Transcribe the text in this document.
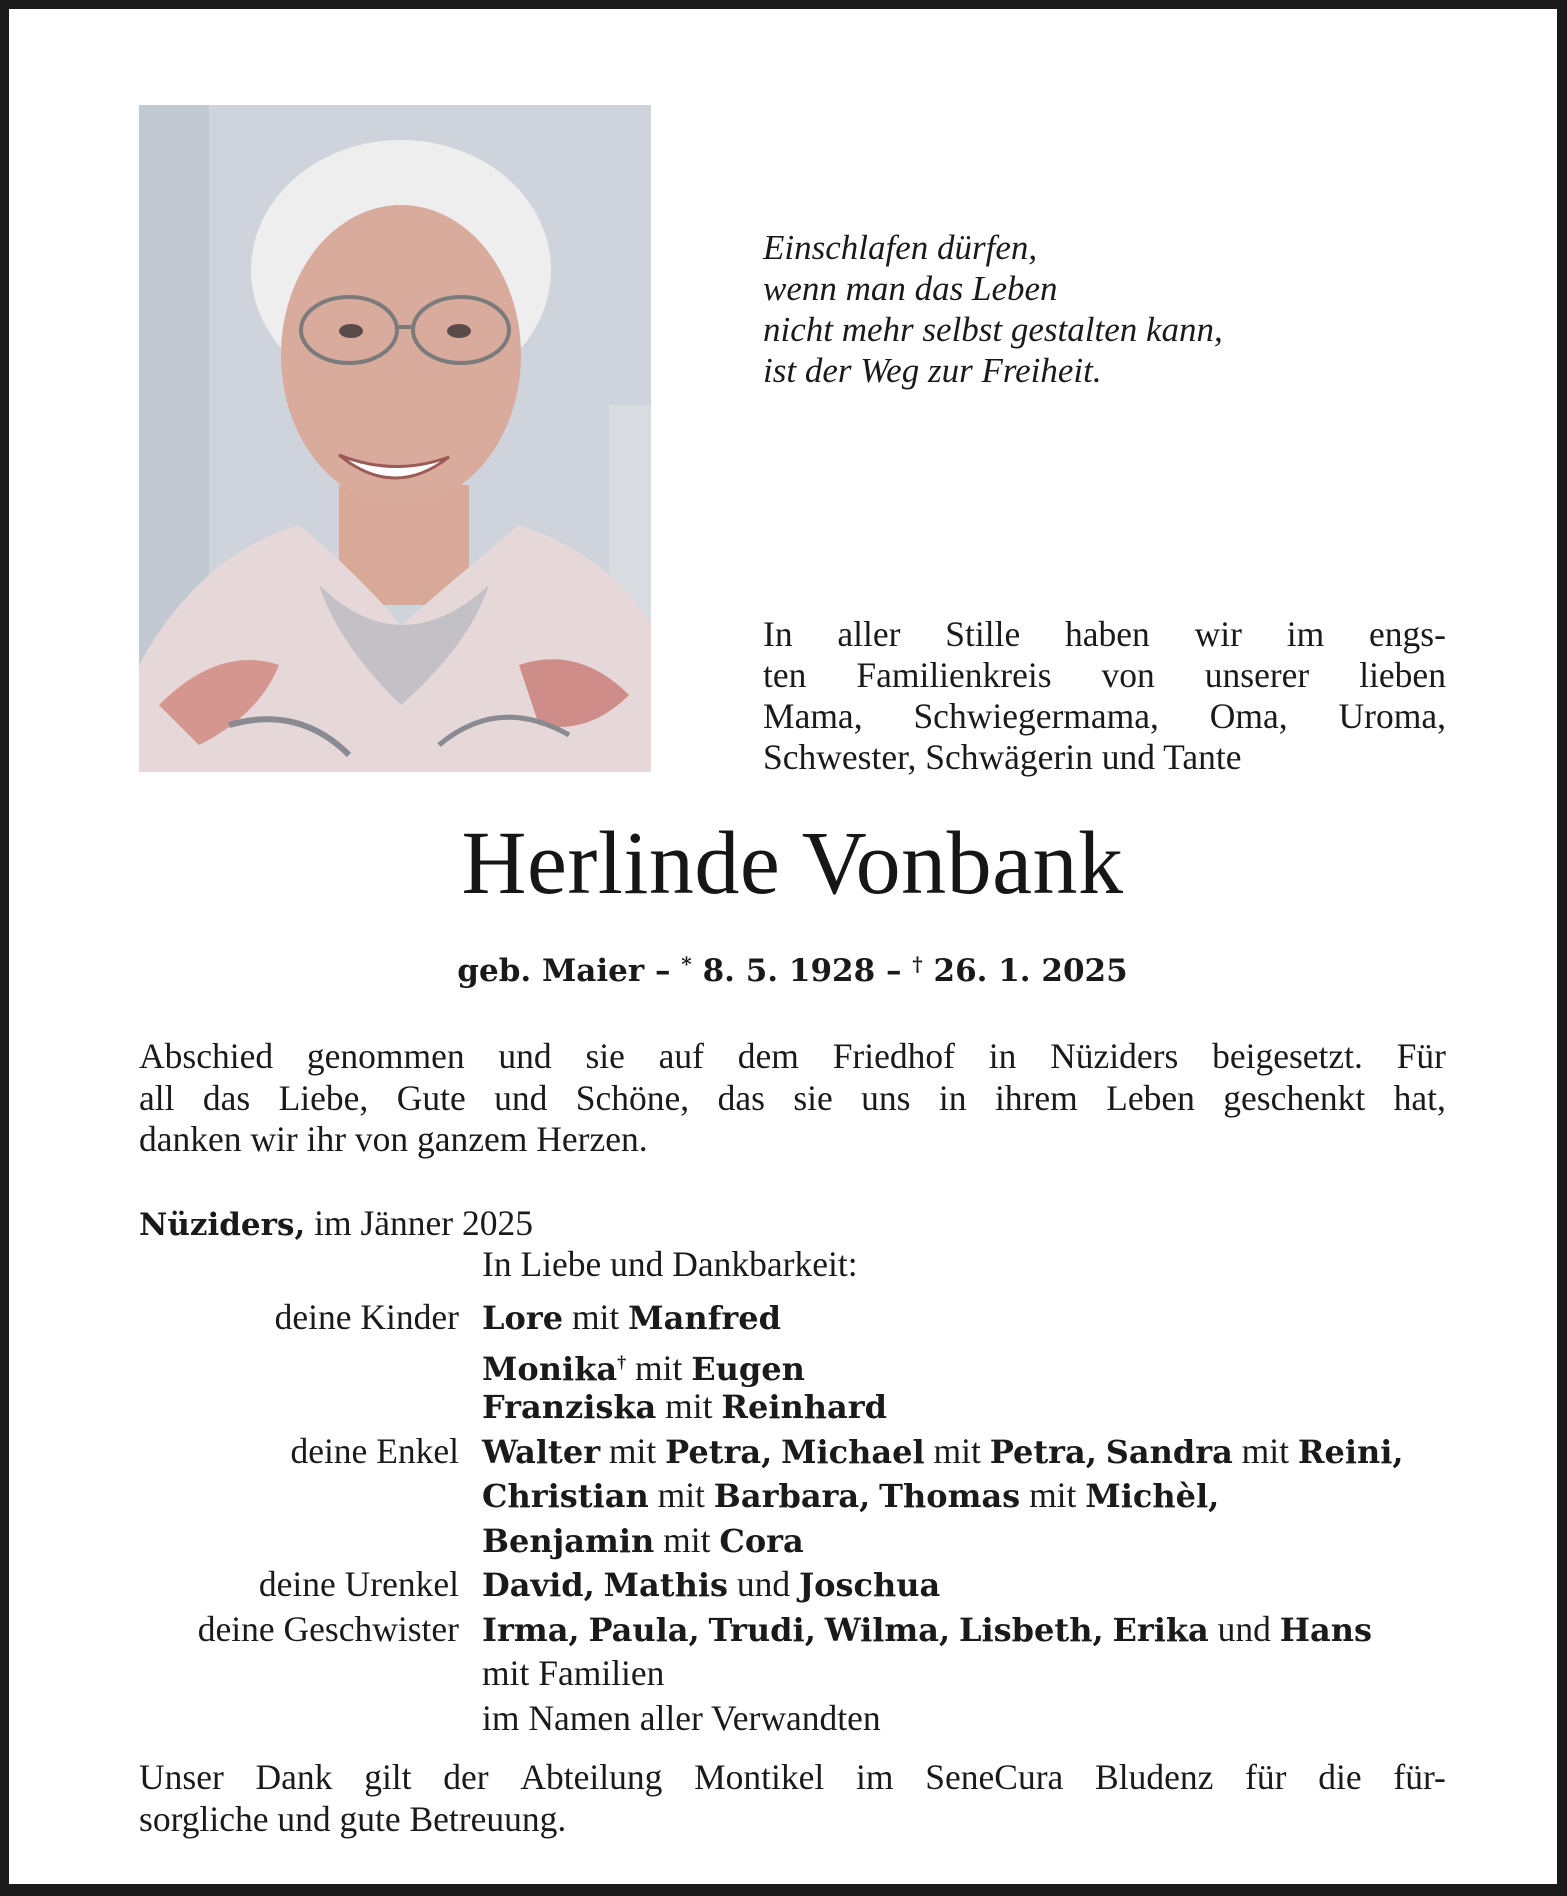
Einschlafen dürfen,
wenn man das Leben
nicht mehr selbst gestalten kann,
ist der Weg zur Freiheit.
In aller Stille haben wir im engs-
ten Familienkreis von unserer lieben
Mama, Schwiegermama, Oma, Uroma,
Schwester, Schwägerin und Tante
Herlinde Vonbank
geb. Maier – * 8. 5. 1928 – † 26. 1. 2025
Abschied genommen und sie auf dem Friedhof in Nüziders beigesetzt. Für
all das Liebe, Gute und Schöne, das sie uns in ihrem Leben geschenkt hat,
danken wir ihr von ganzem Herzen.
Nüziders, im Jänner 2025
In Liebe und Dankbarkeit:
deine Kinder Lore mit Manfred
Monika† mit Eugen
Franziska mit Reinhard
deine Enkel Walter mit Petra, Michael mit Petra, Sandra mit Reini,
Christian mit Barbara, Thomas mit Michèl,
Benjamin mit Cora
deine Urenkel David, Mathis und Joschua
deine Geschwister Irma, Paula, Trudi, Wilma, Lisbeth, Erika und Hans
mit Familien
im Namen aller Verwandten
Unser Dank gilt der Abteilung Montikel im SeneCura Bludenz für die für-
sorgliche und gute Betreuung.
